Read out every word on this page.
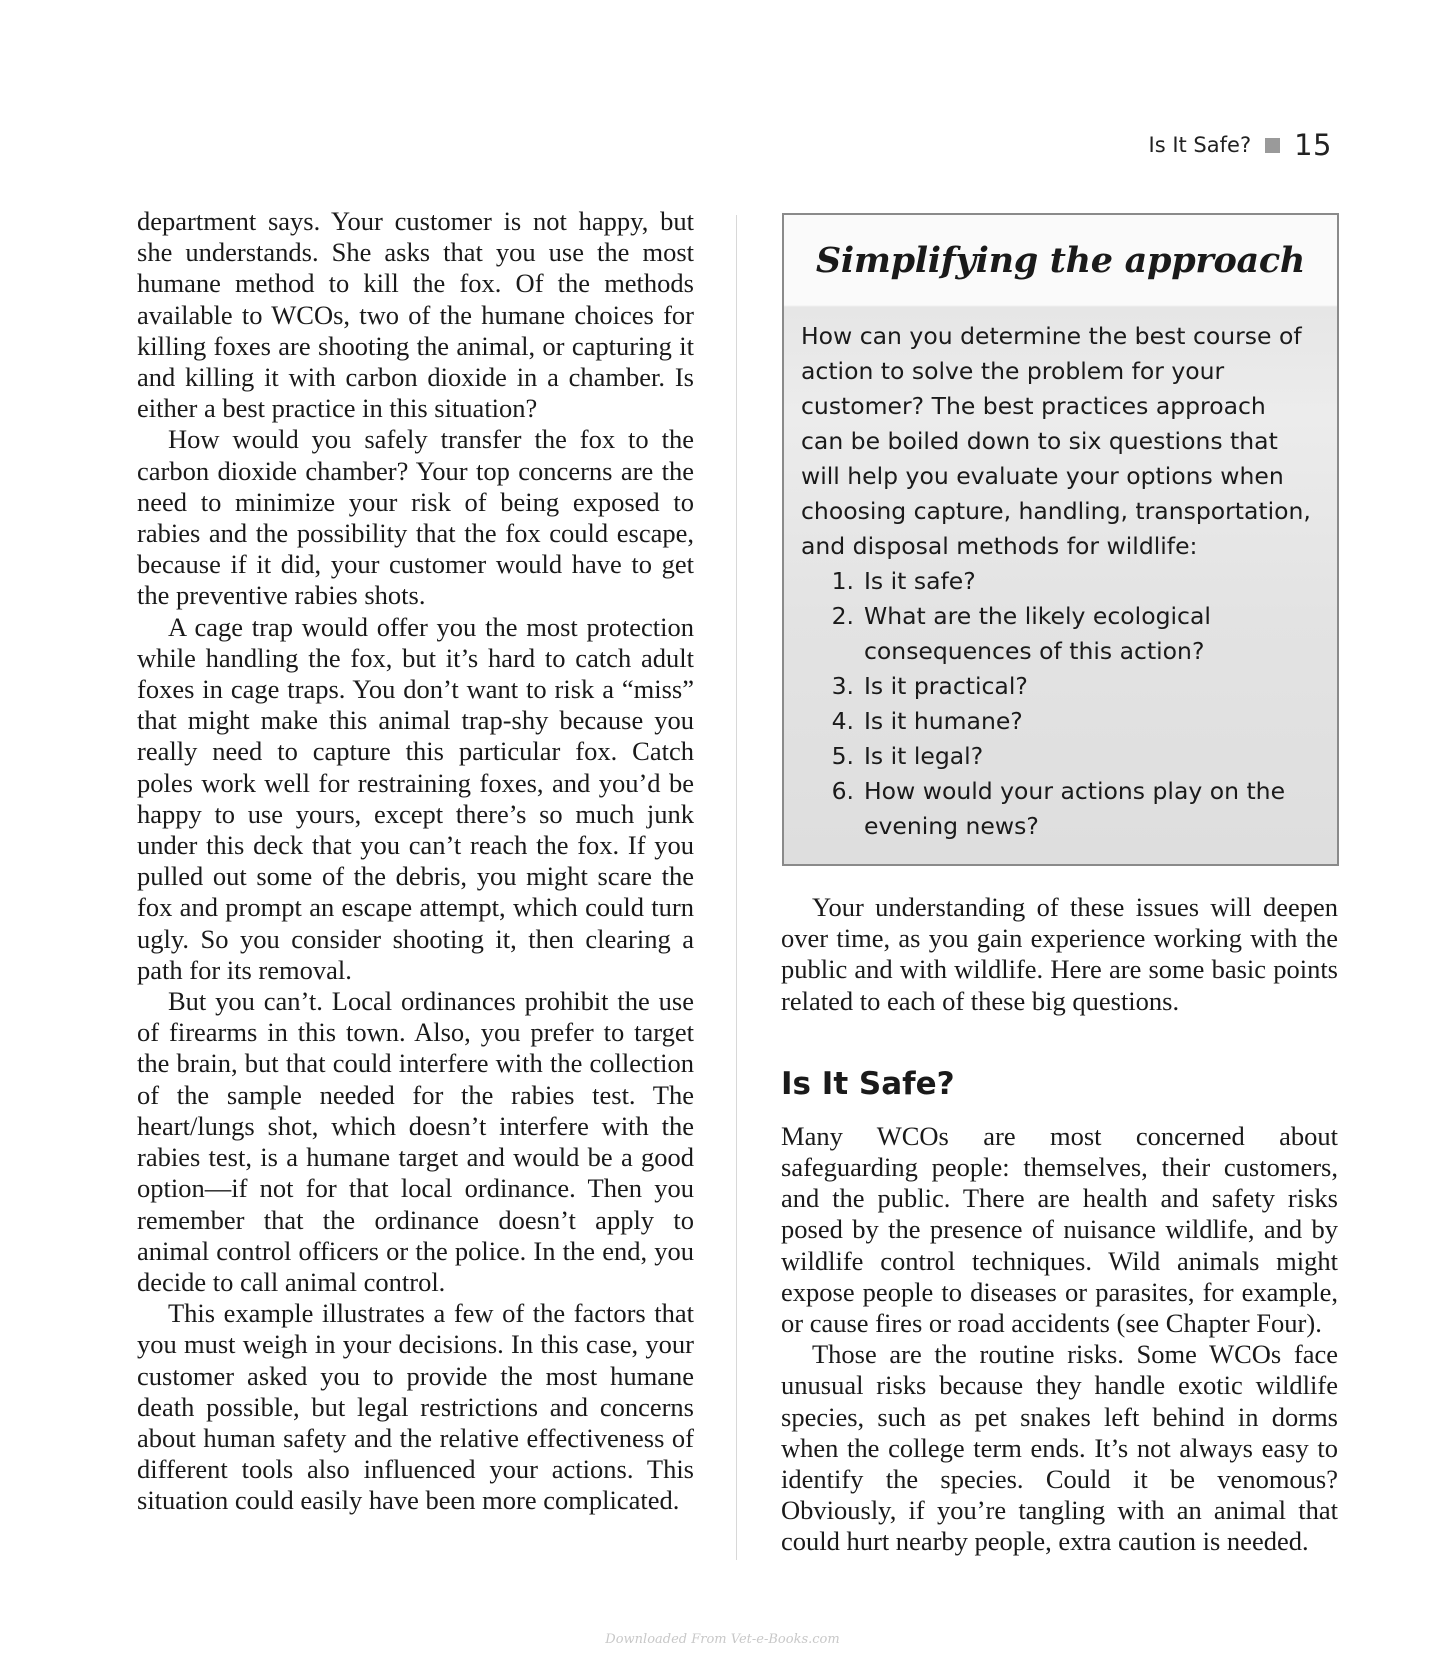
Is It Safe? 15

department says. Your customer is not happy, but she understands. She asks that you use the most humane method to kill the fox. Of the methods available to WCOs, two of the humane choices for killing foxes are shooting the animal, or capturing it and killing it with carbon dioxide in a chamber. Is either a best practice in this situation?

How would you safely transfer the fox to the carbon dioxide chamber? Your top concerns are the need to minimize your risk of being exposed to rabies and the possibility that the fox could escape, because if it did, your customer would have to get the preventive rabies shots.

A cage trap would offer you the most protection while handling the fox, but it’s hard to catch adult foxes in cage traps. You don’t want to risk a “miss” that might make this animal trap-shy because you really need to capture this particular fox. Catch poles work well for restraining foxes, and you’d be happy to use yours, except there’s so much junk under this deck that you can’t reach the fox. If you pulled out some of the debris, you might scare the fox and prompt an escape attempt, which could turn ugly. So you consider shooting it, then clearing a path for its removal.

But you can’t. Local ordinances prohibit the use of firearms in this town. Also, you prefer to target the brain, but that could interfere with the collection of the sample needed for the rabies test. The heart/lungs shot, which doesn’t interfere with the rabies test, is a humane target and would be a good option—if not for that local ordinance. Then you remember that the ordinance doesn’t apply to animal control officers or the police. In the end, you decide to call animal control.

This example illustrates a few of the factors that you must weigh in your decisions. In this case, your customer asked you to provide the most humane death possible, but legal restrictions and concerns about human safety and the relative effectiveness of different tools also influenced your actions. This situation could easily have been more complicated.

Simplifying the approach

How can you determine the best course of action to solve the problem for your customer? The best practices approach can be boiled down to six questions that will help you evaluate your options when choosing capture, handling, transportation, and disposal methods for wildlife:

1. Is it safe?
2. What are the likely ecological consequences of this action?
3. Is it practical?
4. Is it humane?
5. Is it legal?
6. How would your actions play on the evening news?

Your understanding of these issues will deepen over time, as you gain experience working with the public and with wildlife. Here are some basic points related to each of these big questions.

Is It Safe?

Many WCOs are most concerned about safeguarding people: themselves, their customers, and the public. There are health and safety risks posed by the presence of nuisance wildlife, and by wildlife control techniques. Wild animals might expose people to diseases or parasites, for example, or cause fires or road accidents (see Chapter Four).

Those are the routine risks. Some WCOs face unusual risks because they handle exotic wildlife species, such as pet snakes left behind in dorms when the college term ends. It’s not always easy to identify the species. Could it be venomous? Obviously, if you’re tangling with an animal that could hurt nearby people, extra caution is needed.

Downloaded From Vet-e-Books.com
